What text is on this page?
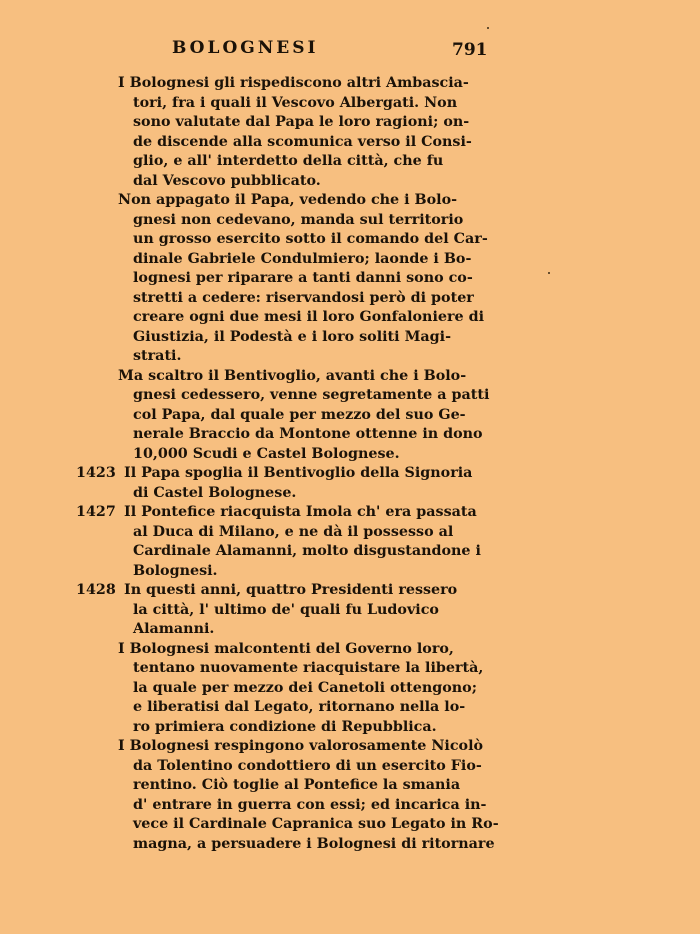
BOLOGNESI	791
I Bolognesi gli rispediscono altri Ambascia-
tori, fra i quali il Vescovo Albergati. Non
sono valutate dal Papa le loro ragioni; on-
de discende alla scomunica verso il Consi-
glio, e all' interdetto della città, che fu
dal Vescovo pubblicato.
Non appagato il Papa, vedendo che i Bolo-
gnesi non cedevano, manda sul territorio
un grosso esercito sotto il comando del Car-
dinale Gabriele Condulmiero; laonde i Bo-
lognesi per riparare a tanti danni sono co-
stretti a cedere: riservandosi però di poter
creare ogni due mesi il loro Gonfaloniere di
Giustizia, il Podestà e i loro soliti Magi-
strati.
Ma scaltro il Bentivoglio, avanti che i Bolo-
gnesi cedessero, venne segretamente a patti
col Papa, dal quale per mezzo del suo Ge-
nerale Braccio da Montone ottenne in dono
10,000 Scudi e Castel Bolognese.
1423 Il Papa spoglia il Bentivoglio della Signoria
di Castel Bolognese.
1427 Il Pontefice riacquista Imola ch' era passata
al Duca di Milano, e ne dà il possesso al
Cardinale Alamanni, molto disgustandone i
Bolognesi.
1428 In questi anni, quattro Presidenti ressero
la città, l' ultimo de' quali fu Ludovico
Alamanni.
I Bolognesi malcontenti del Governo loro,
tentano nuovamente riacquistare la libertà,
la quale per mezzo dei Canetoli ottengono;
e liberatisi dal Legato, ritornano nella lo-
ro primiera condizione di Repubblica.
I Bolognesi respingono valorosamente Nicolò
da Tolentino condottiero di un esercito Fio-
rentino. Ciò toglie al Pontefice la smania
d' entrare in guerra con essi; ed incarica in-
vece il Cardinale Capranica suo Legato in Ro-
magna, a persuadere i Bolognesi di ritornare
